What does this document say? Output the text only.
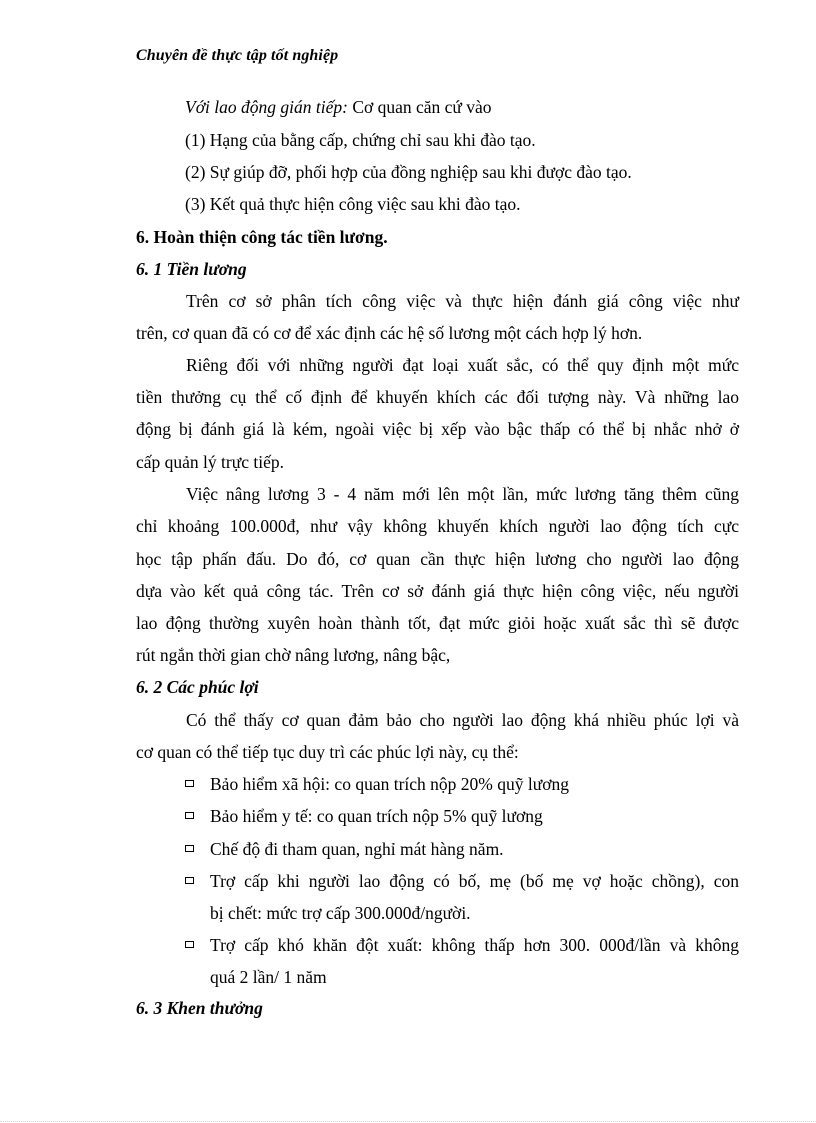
Chuyên đề thực tập tốt nghiệp
Với lao động gián tiếp: Cơ quan căn cứ vào
(1) Hạng của bằng cấp, chứng chỉ sau khi đào tạo.
(2) Sự giúp đỡ, phối hợp của đồng nghiệp sau khi được đào tạo.
(3) Kết quả thực hiện công việc sau khi đào tạo.
6. Hoàn thiện công tác tiền lương.
6. 1 Tiền lương
Trên cơ sở phân tích công việc và thực hiện đánh giá công việc như
trên, cơ quan đã có cơ để xác định các hệ số lương một cách hợp lý hơn.
Riêng đối với những người đạt loại xuất sắc, có thể quy định một mức
tiền thưởng cụ thể cố định để khuyến khích các đối tượng này. Và những lao
động bị đánh giá là kém, ngoài việc bị xếp vào bậc thấp có thể bị nhắc nhở ở
cấp quản lý trực tiếp.
Việc nâng lương 3 - 4 năm mới lên một lần, mức lương tăng thêm cũng
chỉ khoảng 100.000đ, như vậy không khuyến khích người lao động tích cực
học tập phấn đấu. Do đó, cơ quan cần thực hiện lương cho người lao động
dựa vào kết quả công tác. Trên cơ sở đánh giá thực hiện công việc, nếu người
lao động thường xuyên hoàn thành tốt, đạt mức giỏi hoặc xuất sắc thì sẽ được
rút ngắn thời gian chờ nâng lương, nâng bậc,
6. 2 Các phúc lợi
Có thể thấy cơ quan đảm bảo cho người lao động khá nhiều phúc lợi và
cơ quan có thể tiếp tục duy trì các phúc lợi này, cụ thể:
Bảo hiểm xã hội: co quan trích nộp 20% quỹ lương
Bảo hiểm y tế: co quan trích nộp 5% quỹ lương
Chế độ đi tham quan, nghỉ mát hàng năm.
Trợ cấp khi người lao động có bố, mẹ (bố mẹ vợ hoặc chồng), con
bị chết: mức trợ cấp 300.000đ/người.
Trợ cấp khó khăn đột xuất: không thấp hơn 300. 000đ/lần và không
quá 2 lần/ 1 năm
6. 3 Khen thưởng
